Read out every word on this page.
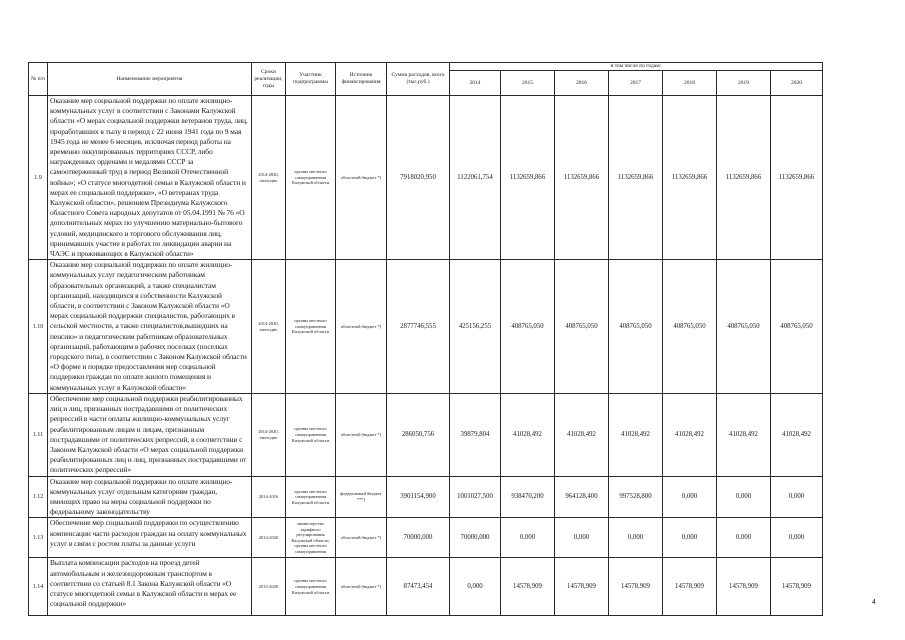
№ п/п	Наименование мероприятия	Сроки реализации, годы	Участник подпрограммы	Источник финансирования	Сумма расходов, всего (тыс.руб.)	в том числе по годам:						
						2014	2015	2016	2017	2018	2019	2020
1.9	Оказание мер социальной поддержки по оплате жилищно-коммунальных услуг в соответствии с Законами Калужской области «О мерах социальной поддержки ветеранов труда, лиц, проработавших в тылу в период с 22 июня 1941 года по 9 мая 1945 года не менее 6 месяцев, исключая период работы на временно оккупированных территориях СССР, либо награжденных орденами и медалями СССР за самоотверженный труд в период Великой Отечественной войны»; «О статусе многодетной семьи в Калужской области и мерах ее социальной поддержки», «О ветеранах труда Калужской области», решением Президиума Калужского областного Совета народных депутатов от 05.04.1991 № 76 «О дополнительных мерах по улучшению материально-бытового условий, медицинского и торгового обслуживания лиц, принимавших участие в работах по ликвидации аварии на ЧАЭС и проживающих в Калужской области»	2014-2020, ежегодно	органы местного самоуправления Калужской области	областной бюджет *)	7918020,950	1122061,754	1132659,866	1132659,866	1132659,866	1132659,866	1132659,866	1132659,866
1.10	Оказание мер социальной поддержки по оплате жилищно-коммунальных услуг педагогическим работникам образовательных организаций, а также специалистам организаций, находящихся в собственности Калужской области, в соответствии с Законом Калужской области «О мерах социальной поддержки специалистов, работающих в сельской местности, а также специалистов,вышедших на пенсию» и педагогическим работникам образовательных организаций, работающим в рабочих поселках (поселках городского типа), в соответствии с Законом Калужской области «О форме и порядке предоставления мер социальной поддержки граждан по оплате жилого помещения и коммунальных услуг в Калужской области»	2014-2020, ежегодно	органы местного самоуправления Калужской области	областной бюджет *)	2877746,555	425156,255	408765,050	408765,050	408765,050	408765,050	408765,050	408765,050
1.11	Обеспечение мер социальной поддержки реабилитированных лиц и лиц, признанных пострадавшими от политических репрессий в части оплаты жилищно-коммунальных услуг реабилитированным лицам и лицам, признанным пострадавшими от политических репрессий, в соответствии с Законом Калужской области «О мерах социальной поддержки реабилитированных лиц и лиц, признанных пострадавшими от политических репрессий»	2014-2020, ежегодно	органы местного самоуправления Калужской области	областной бюджет *)	286050,756	39879,804	41028,492	41028,492	41028,492	41028,492	41028,492	41028,492
1.12	Оказание мер социальной поддержки по оплате жилищно-коммунальных услуг отдельным категориям граждан, имеющих право на меры социальной поддержки по федеральному законодательству	2014-2016	органы местного самоуправления Калужской области	федеральный бюджет ***)	3901154,900	1001027,500	938470,200	964128,400	997528,800	0,000	0,000	0,000
1.13	Обеспечение мер социальной поддержки по осуществлению компенсации части расходов граждан на оплату коммунальных услуг в связи с ростом платы за данные услуги	2014-2020	министерство тарифного регулирования Калужской области, органы местного самоуправления	областной бюджет *)	70000,000	70000,000	0,000	0,000	0,000	0,000	0,000	0,000
1.14	Выплата компенсации расходов на проезд детей автомобильным и железнодорожным транспортом в соответствии со статьей 8.1 Закона Калужской области «О статусе многодетной семьи в Калужской области и мерах ее социальной поддержки»	2015-2020	органы местного самоуправления Калужской области	областной бюджет *)	87473,454	0,000	14578,909	14578,909	14578,909	14578,909	14578,909	14578,909
4
